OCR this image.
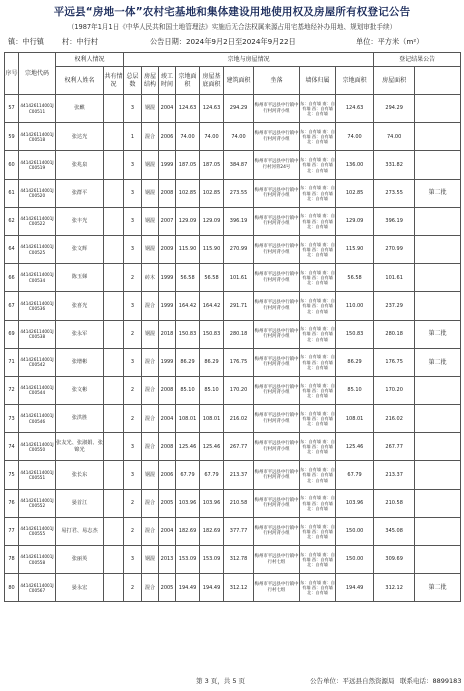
平远县“房地一体”农村宅基地和集体建设用地使用权及房屋所有权登记公告
（1987年1月1日《中华人民共和国土地管理法》实施后无合法权属来源占用宅基地经补办用地、规划审批手续）
镇：中行镇	村：中行村	公告日期：2024年9月2日至2024年9月22日	单位：平方米（m²）
序号	宗地代码	权利人情况		宗地与房屋情况									登记结果公告	
		权利人姓名	共有情况	总层数	房屋结构	竣工时间	宗地面积	房屋基底面积	建筑面积	坐落	墙体归属	宗地面积	房屋面积		
57	441426114001JC00511	张麒		3	钢混	2004	124.63	124.63	294.29	梅州市平远县中行镇中行村河背小组	东：自有墙 南：自有墙 西：自有墙 北：自有墙	124.63	294.29		
59	441426114001JC00518	张达光		1	混合	2006	74.00	74.00	74.00	梅州市平远县中行镇中行村河背小组	东：自有墙 南：自有墙 西：自有墙 北：自有墙	74.00	74.00		
60	441426114001JC00519	张兆泉		3	钢混	1999	187.05	187.05	384.87	梅州市平远县中行镇中行村河背24号	东：自有墙 南：自有墙 西：自有墙 北：自有墙	136.00	331.82		
61	441426114001JC00520	张群平		3	钢混	2008	102.85	102.85	273.55	梅州市平远县中行镇中行村河背小组	东：自有墙 南：自有墙 西：自有墙 北：自有墙	102.85	273.55	第二批	
62	441426114001JC00522	张丰光		3	钢混	2007	129.09	129.09	396.19	梅州市平远县中行镇中行村河背小组	东：自有墙 南：自有墙 西：自有墙 北：自有墙	129.09	396.19		
64	441426114001JC00525	张文辉		3	钢混	2009	115.90	115.90	270.99	梅州市平远县中行镇中行村河背小组	东：自有墙 南：自有墙 西：自有墙 北：自有墙	115.90	270.99		
66	441426114001JC00534	陈玉娣		2	砖木	1999	56.58	56.58	101.61	梅州市平远县中行镇中行村河背小组	东：自有墙 南：自有墙 西：自有墙 北：自有墙	56.58	101.61		
67	441426114001JC00536	张喜光		3	混合	1999	164.42	164.42	291.71	梅州市平远县中行镇中行村河背小组	东：自有墙 南：自有墙 西：自有墙 北：自有墙	110.00	237.29		
69	441426114001JC00538	张永军		2	钢混	2018	150.83	150.83	280.18	梅州市平远县中行镇中行村河背小组	东：自有墙 南：自有墙 西：自有墙 北：自有墙	150.83	280.18	第二批	
71	441426114001JC00542	张增彬		3	混合	1999	86.29	86.29	176.75	梅州市平远县中行镇中行村河背小组	东：自有墙 南：自有墙 西：自有墙 北：自有墙	86.29	176.75	第二批	
72	441426114001JC00544	张文彬		2	混合	2008	85.10	85.10	170.20	梅州市平远县中行镇中行村河背小组	东：自有墙 南：自有墙 西：自有墙 北：自有墙	85.10	170.20		
73	441426114001JC00546	张洪胜		2	混合	2004	108.01	108.01	216.02	梅州市平远县中行镇中行村河背小组	东：自有墙 南：自有墙 西：自有墙 北：自有墙	108.01	216.02		
74	441426114001JC00550	张友光、张淑娟、张锦光		3	混合	2008	125.46	125.46	267.77	梅州市平远县中行镇中行村河背小组	东：自有墙 南：自有墙 西：自有墙 北：自有墙	125.46	267.77		
75	441426114001JC00551	张长东		3	钢混	2006	67.79	67.79	213.37	梅州市平远县中行镇中行村河背小组	东：自有墙 南：自有墙 西：自有墙 北：自有墙	67.79	213.37		
76	441426114001JC00552	晏首江		2	混合	2005	103.96	103.96	210.58	梅州市平远县中行镇中行村河背小组	东：自有墙 南：自有墙 西：自有墙 北：自有墙	103.96	210.58		
77	441426114001JC00555	易打君、易志杰		2	混合	2004	182.69	182.69	377.77	梅州市平远县中行镇中行村河背小组	东：自有墙 南：自有墙 西：自有墙 北：自有墙	150.00	345.08		
78	441426114001JC00558	张丽英		3	钢混	2013	153.09	153.09	312.78	梅州市平远县中行镇中行村七组	东：自有墙 南：自有墙 西：自有墙 北：自有墙	150.00	309.69		
80	441426114001JC00567	晏永宏		2	混合	2005	194.49	194.49	312.12	梅州市平远县中行镇中行村七组	东：自有墙 南：自有墙 西：自有墙 北：自有墙	194.49	312.12	第二批	
第 3 页，共 5 页	公告单位：平远县自然资源局 联系电话：8899183
